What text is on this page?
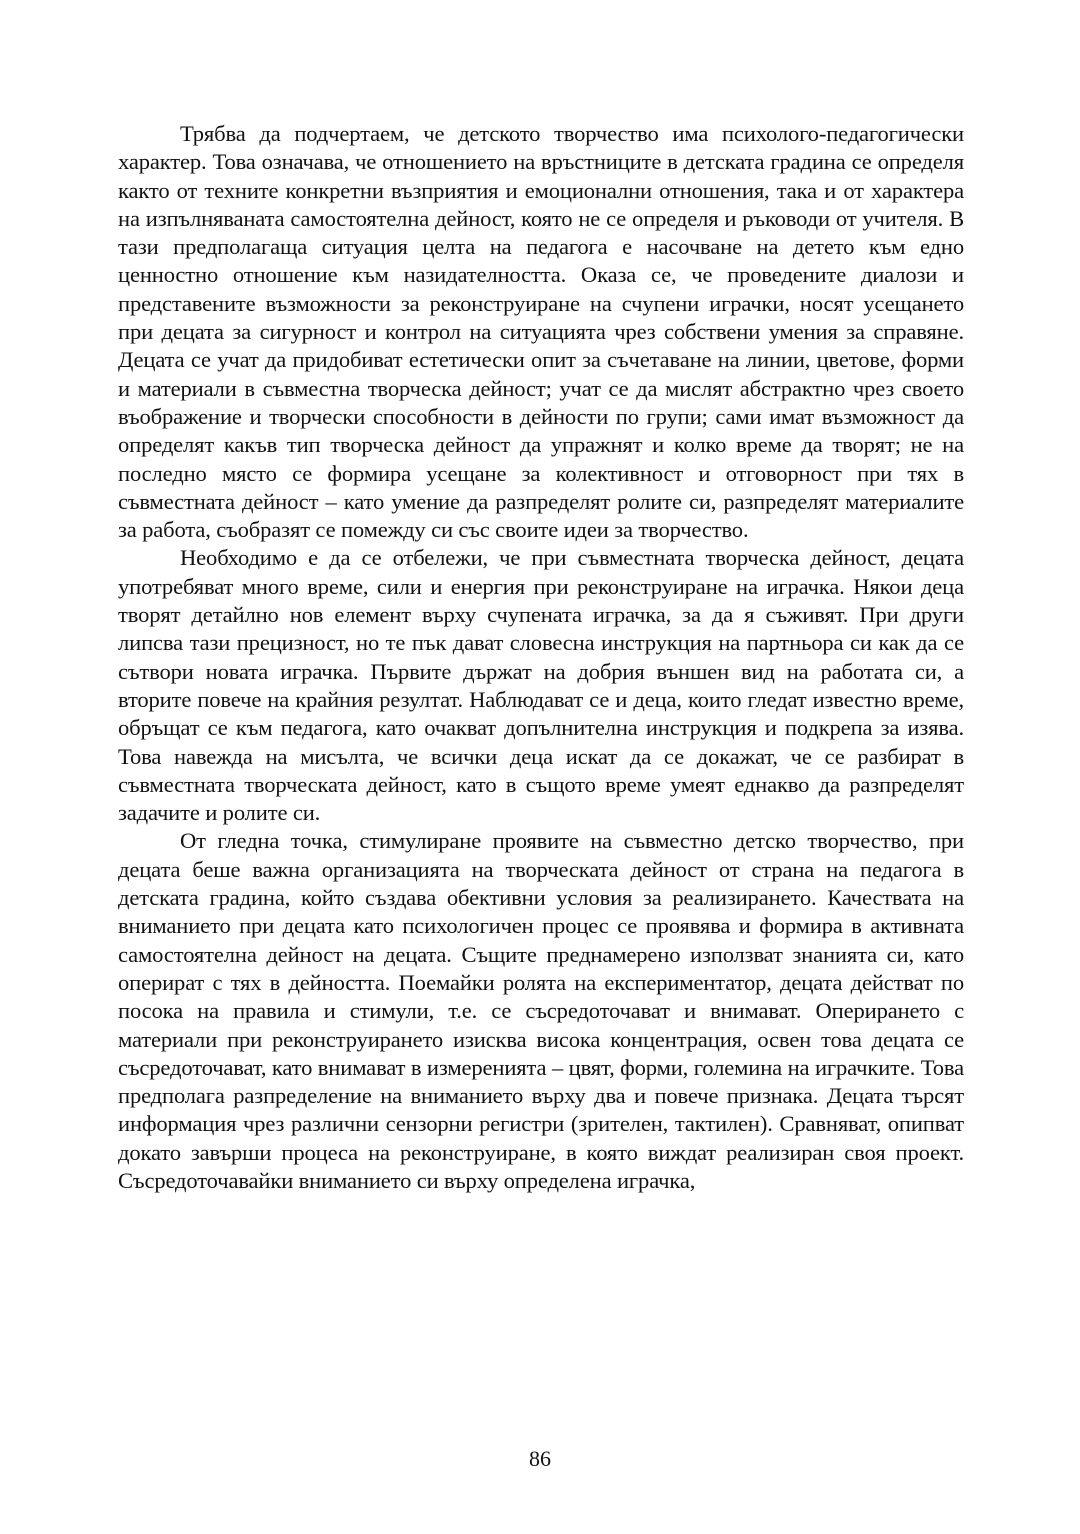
Трябва да подчертаем, че детското творчество има психолого-педагогически характер. Това означава, че отношението на връстниците в детската градина се определя както от техните конкретни възприятия и емоционални отношения, така и от характера на изпълняваната самостоятелна дейност, която не се определя и ръководи от учителя. В тази предполагаща ситуация целта на педагога е насочване на детето към едно ценностно отношение към назидателността. Оказа се, че проведените диалози и представените възможности за реконструиране на счупени играчки, носят усещането при децата за сигурност и контрол на ситуацията чрез собствени умения за справяне. Децата се учат да придобиват естетически опит за съчетаване на линии, цветове, форми и материали в съвместна творческа дейност; учат се да мислят абстрактно чрез своето въображение и творчески способности в дейности по групи; сами имат възможност да определят какъв тип творческа дейност да упражнят и колко време да творят; не на последно място се формира усещане за колективност и отговорност при тях в съвместната дейност – като умение да разпределят ролите си, разпределят материалите за работа, съобразят се помежду си със своите идеи за творчество.

Необходимо е да се отбележи, че при съвместната творческа дейност, децата употребяват много време, сили и енергия при реконструиране на играчка. Някои деца творят детайлно нов елемент върху счупената играчка, за да я съживят. При други липсва тази прецизност, но те пък дават словесна инструкция на партньора си как да се сътвори новата играчка. Първите държат на добрия външен вид на работата си, а вторите повече на крайния резултат. Наблюдават се и деца, които гледат известно време, обръщат се към педагога, като очакват допълнителна инструкция и подкрепа за изява. Това навежда на мисълта, че всички деца искат да се докажат, че се разбират в съвместната творческата дейност, като в същото време умеят еднакво да разпределят задачите и ролите си.

От гледна точка, стимулиране проявите на съвместно детско творчество, при децата беше важна организацията на творческата дейност от страна на педагога в детската градина, който създава обективни условия за реализирането. Качествата на вниманието при децата като психологичен процес се проявява и формира в активната самостоятелна дейност на децата. Същите преднамерено използват знанията си, като оперират с тях в дейността. Поемайки ролята на експериментатор, децата действат по посока на правила и стимули, т.е. се съсредоточават и внимават. Оперирането с материали при реконструирането изисква висока концентрация, освен това децата се съсредоточават, като внимават в измеренията – цвят, форми, големина на играчките. Това предполага разпределение на вниманието върху два и повече признака. Децата търсят информация чрез различни сензорни регистри (зрителен, тактилен). Сравняват, опипват докато завърши процеса на реконструиране, в която виждат реализиран своя проект. Съсредоточавайки вниманието си върху определена играчка,

86
